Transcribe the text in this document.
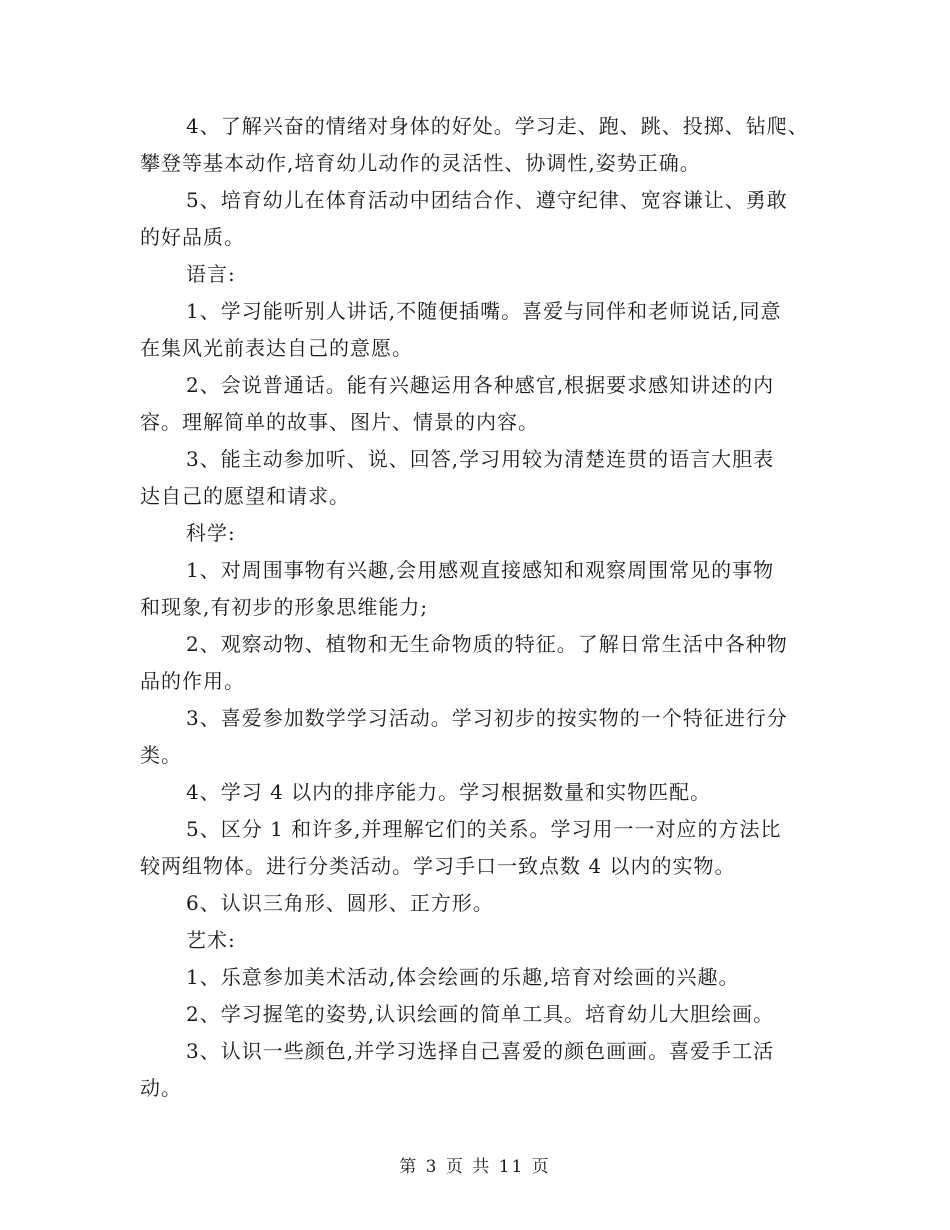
4、了解兴奋的情绪对身体的好处。学习走、跑、跳、投掷、钻爬、
攀登等基本动作,培育幼儿动作的灵活性、协调性,姿势正确。

5、培育幼儿在体育活动中团结合作、遵守纪律、宽容谦让、勇敢
的好品质。

语言:

1、学习能听别人讲话,不随便插嘴。喜爱与同伴和老师说话,同意
在集风光前表达自己的意愿。

2、会说普通话。能有兴趣运用各种感官,根据要求感知讲述的内
容。理解简单的故事、图片、情景的内容。

3、能主动参加听、说、回答,学习用较为清楚连贯的语言大胆表
达自己的愿望和请求。

科学:

1、对周围事物有兴趣,会用感观直接感知和观察周围常见的事物
和现象,有初步的形象思维能力;

2、观察动物、植物和无生命物质的特征。了解日常生活中各种物
品的作用。

3、喜爱参加数学学习活动。学习初步的按实物的一个特征进行分
类。

4、学习 4 以内的排序能力。学习根据数量和实物匹配。

5、区分 1 和许多,并理解它们的关系。学习用一一对应的方法比
较两组物体。进行分类活动。学习手口一致点数 4 以内的实物。

6、认识三角形、圆形、正方形。

艺术:

1、乐意参加美术活动,体会绘画的乐趣,培育对绘画的兴趣。

2、学习握笔的姿势,认识绘画的简单工具。培育幼儿大胆绘画。

3、认识一些颜色,并学习选择自己喜爱的颜色画画。喜爱手工活
动。

第 3 页 共 11 页
